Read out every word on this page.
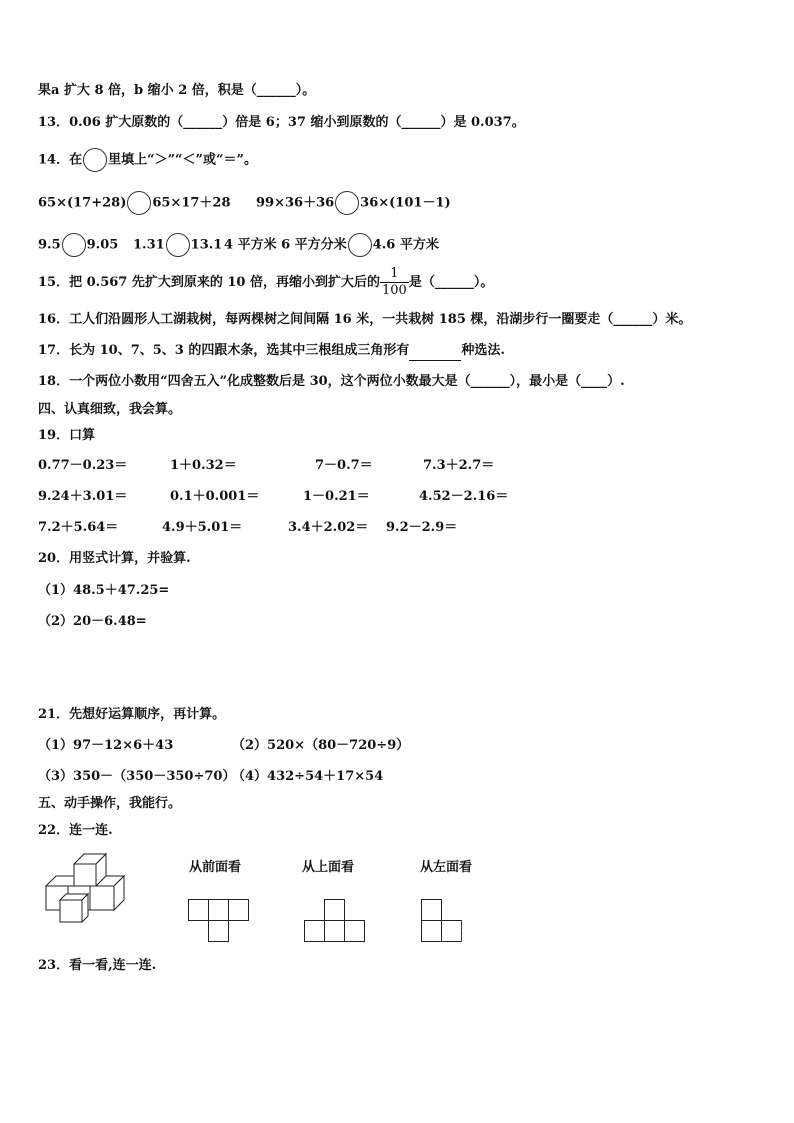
果a 扩大 8 倍，b 缩小 2 倍，积是（______）。
13．0.06 扩大原数的（______）倍是 6；37 缩小到原数的（______）是 0.037。
14．在 里填上“＞”“＜”或“＝”。
65×(17+28) 65×17＋28 99×36＋36 36×(101－1)
9.5 9.05 1.31 13.1 4 平方米 6 平方分米 4.6 平方米
15．把 0.567 先扩大到原来的 10 倍，再缩小到扩大后的 $\frac{1}{100}$ 是（______）。
16．工人们沿圆形人工湖栽树，每两棵树之间间隔 16 米，一共栽树 185 棵，沿湖步行一圈要走（______）米。
17．长为 10、7、5、3 的四跟木条，选其中三根组成三角形有	种选法.
18．一个两位小数用“四舍五入”化成整数后是 30，这个两位小数最大是（______），最小是（____）.
四、认真细致，我会算。
19．口算
0.77－0.23＝	1＋0.32＝	7－0.7＝	7.3＋2.7＝
9.24＋3.01＝	0.1＋0.001＝	1－0.21＝	4.52－2.16＝
7.2＋5.64＝	4.9＋5.01＝	3.4＋2.02＝ 9.2－2.9＝
20．用竖式计算，并验算.
（1）48.5＋47.25=
（2）20－6.48=
21．先想好运算顺序，再计算。
（1）97－12×6＋43	（2）520×（80－720÷9）
（3）350－（350－350÷70）
（4）432÷54＋17×54
五、动手操作，我能行。
22．连一连.
从前面看	从上面看	从左面看
23．看一看,连一连.
